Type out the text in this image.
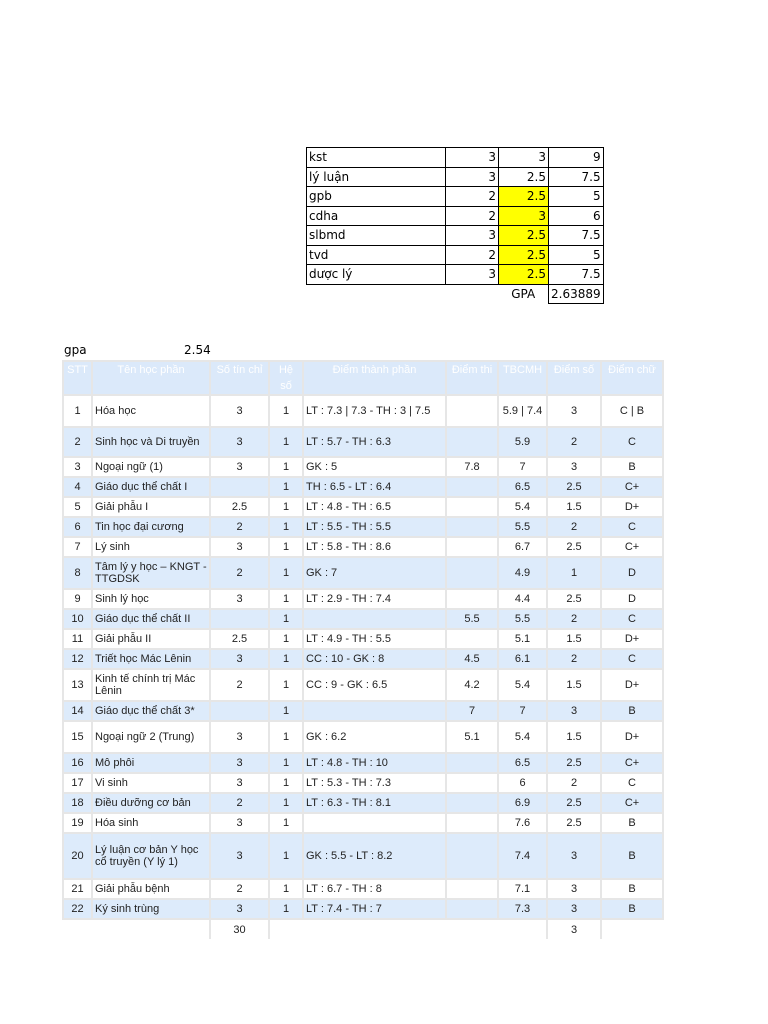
kst	3	3	9
lý luận	3	2.5	7.5
gpb	2	2.5	5
cdha	2	3	6
slbmd	3	2.5	7.5
tvd	2	2.5	5
dược lý	3	2.5	7.5
		GPA	2.63889
gpa	2.54
STT	Tên học phần	Số tín chỉ	Hệ số	Điểm thành phần	Điểm thi	TBCMH	Điểm số	Điểm chữ
1	Hóa học	3	1	LT : 7.3 | 7.3 - TH : 3 | 7.5		5.9 | 7.4	3	C | B
2	Sinh học và Di truyền	3	1	LT : 5.7 - TH : 6.3		5.9	2	C
3	Ngoại ngữ (1)	3	1	GK : 5	7.8	7	3	B
4	Giáo dục thể chất I		1	TH : 6.5 - LT : 6.4		6.5	2.5	C+
5	Giải phẫu I	2.5	1	LT : 4.8 - TH : 6.5		5.4	1.5	D+
6	Tin học đại cương	2	1	LT : 5.5 - TH : 5.5		5.5	2	C
7	Lý sinh	3	1	LT : 5.8 - TH : 8.6		6.7	2.5	C+
8	Tâm lý y học – KNGT - TTGDSK	2	1	GK : 7		4.9	1	D
9	Sinh lý học	3	1	LT : 2.9 - TH : 7.4		4.4	2.5	D
10	Giáo dục thể chất II		1		5.5	5.5	2	C
11	Giải phẫu II	2.5	1	LT : 4.9 - TH : 5.5		5.1	1.5	D+
12	Triết học Mác Lênin	3	1	CC : 10 - GK : 8	4.5	6.1	2	C
13	Kinh tế chính trị Mác Lênin	2	1	CC : 9 - GK : 6.5	4.2	5.4	1.5	D+
14	Giáo dục thể chất 3*		1		7	7	3	B
15	Ngoại ngữ 2 (Trung)	3	1	GK : 6.2	5.1	5.4	1.5	D+
16	Mô phôi	3	1	LT : 4.8 - TH : 10		6.5	2.5	C+
17	Vi sinh	3	1	LT : 5.3 - TH : 7.3		6	2	C
18	Điều dưỡng cơ bản	2	1	LT : 6.3 - TH : 8.1		6.9	2.5	C+
19	Hóa sinh	3	1			7.6	2.5	B
20	Lý luận cơ bản Y học cổ truyền (Y lý 1)	3	1	GK : 5.5 - LT : 8.2		7.4	3	B
21	Giải phẫu bệnh	2	1	LT : 6.7 - TH : 8		7.1	3	B
22	Ký sinh trùng	3	1	LT : 7.4 - TH : 7		7.3	3	B
		30					3	
